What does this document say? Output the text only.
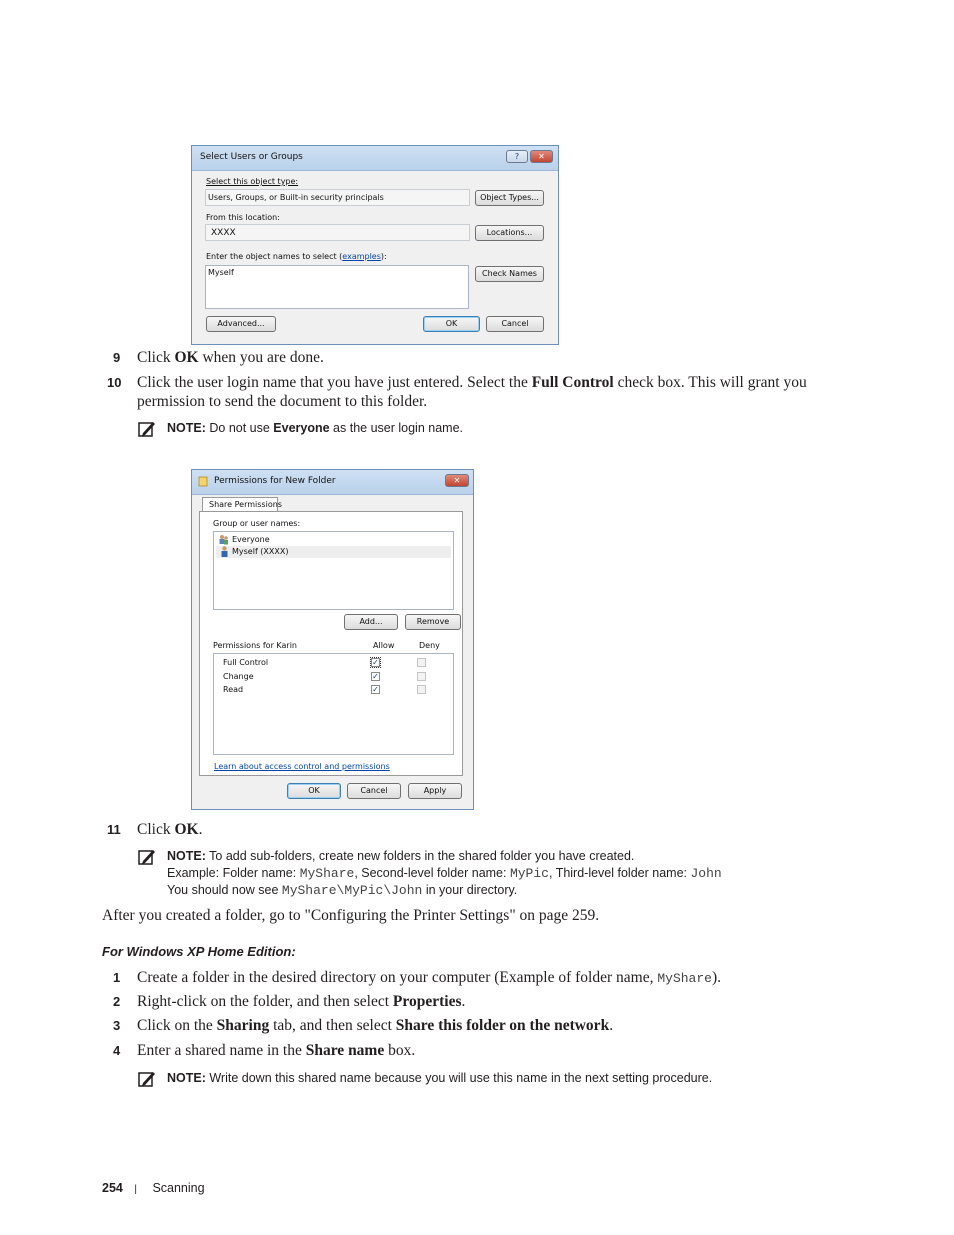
Select Users or Groups	?	✕
Select this object type:
Users, Groups, or Built-in security principals	Object Types...
From this location:
XXXX	Locations...
Enter the object names to select (examples):
Myself	Check Names
Advanced...	OK	Cancel
9 Click OK when you are done.
10 Click the user login name that you have just entered. Select the Full Control check box. This will grant you
permission to send the document to this folder.
NOTE: Do not use Everyone as the user login name.
Permissions for New Folder	✕
Share Permissions
Group or user names:
Everyone
Myself (XXXX)
Add...	Remove
Permissions for Karin	Allow	Deny
Full Control	✓
Change	✓
Read	✓
Learn about access control and permissions
OK	Cancel	Apply
11 Click OK.
NOTE: To add sub-folders, create new folders in the shared folder you have created.
Example: Folder name: MyShare, Second-level folder name: MyPic, Third-level folder name: John
You should now see MyShare\MyPic\John in your directory.
After you created a folder, go to "Configuring the Printer Settings" on page 259.
For Windows XP Home Edition:
1 Create a folder in the desired directory on your computer (Example of folder name, MyShare).
2 Right-click on the folder, and then select Properties.
3 Click on the Sharing tab, and then select Share this folder on the network.
4 Enter a shared name in the Share name box.
NOTE: Write down this shared name because you will use this name in the next setting procedure.
254 | Scanning
